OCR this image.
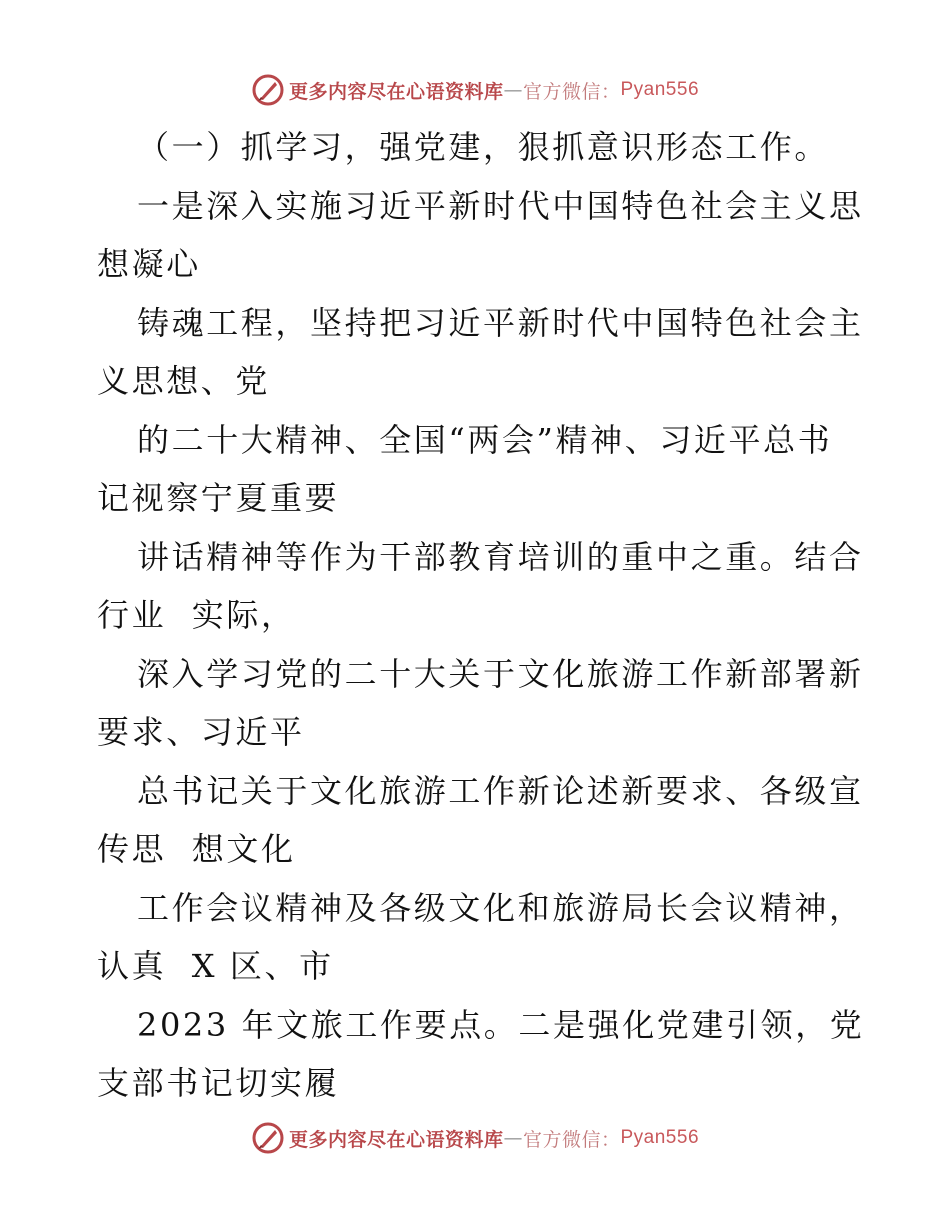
更多内容尽在心语资料库 — 官方微信： Pyan556
（一）抓学习，强党建，狠抓意识形态工作。
一是深入实施习近平新时代中国特色社会主义思
想凝心
铸魂工程，坚持把习近平新时代中国特色社会主
义思想、党
的二十大精神、全国“两会”精神、习近平总书
记视察宁夏重要
讲话精神等作为干部教育培训的重中之重。结合
行业  实际，
深入学习党的二十大关于文化旅游工作新部署新
要求、习近平
总书记关于文化旅游工作新论述新要求、各级宣
传思  想文化
工作会议精神及各级文化和旅游局长会议精神，
认真  X 区、市
2023 年文旅工作要点。二是强化党建引领，党
支部书记切实履
更多内容尽在心语资料库 — 官方微信： Pyan556
